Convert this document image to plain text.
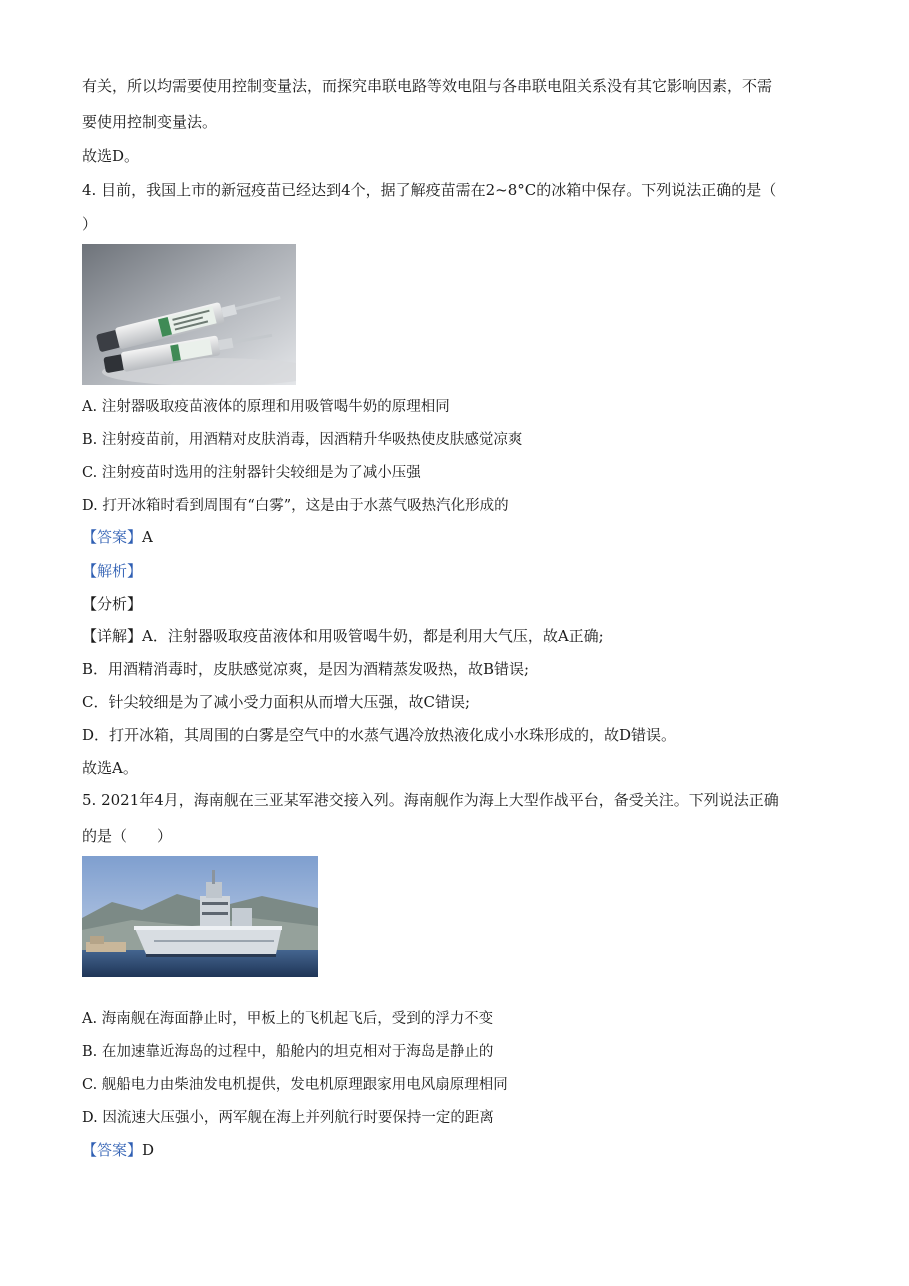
有关，所以均需要使用控制变量法，而探究串联电路等效电阻与各串联电阻关系没有其它影响因素，不需
要使用控制变量法。
故选D。
4. 目前，我国上市的新冠疫苗已经达到4个，据了解疫苗需在2~8°C的冰箱中保存。下列说法正确的是（
）
A. 注射器吸取疫苗液体的原理和用吸管喝牛奶的原理相同
B. 注射疫苗前，用酒精对皮肤消毒，因酒精升华吸热使皮肤感觉凉爽
C. 注射疫苗时选用的注射器针尖较细是为了减小压强
D. 打开冰箱时看到周围有“白雾”，这是由于水蒸气吸热汽化形成的
【答案】A
【解析】
【分析】
【详解】A．注射器吸取疫苗液体和用吸管喝牛奶，都是利用大气压，故A正确;
B．用酒精消毒时，皮肤感觉凉爽，是因为酒精蒸发吸热，故B错误;
C．针尖较细是为了减小受力面积从而增大压强，故C错误;
D．打开冰箱，其周围的白雾是空气中的水蒸气遇冷放热液化成小水珠形成的，故D错误。
故选A。
5. 2021年4月，海南舰在三亚某军港交接入列。海南舰作为海上大型作战平台，备受关注。下列说法正确
的是（　　）
A. 海南舰在海面静止时，甲板上的飞机起飞后，受到的浮力不变
B. 在加速靠近海岛的过程中，船舱内的坦克相对于海岛是静止的
C. 舰船电力由柴油发电机提供，发电机原理跟家用电风扇原理相同
D. 因流速大压强小，两军舰在海上并列航行时要保持一定的距离
【答案】D
